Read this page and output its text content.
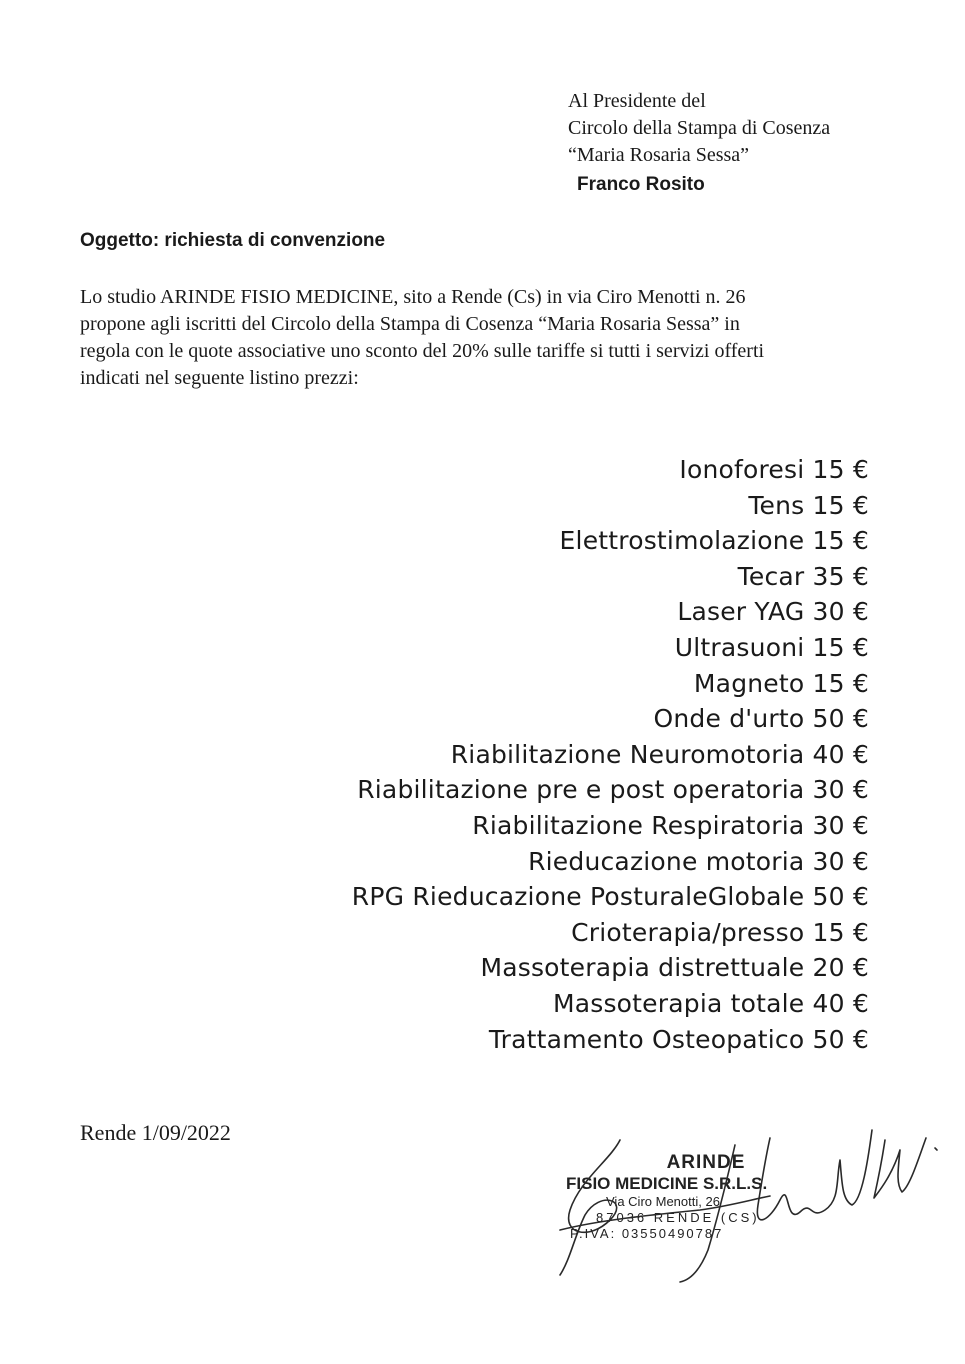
Al Presidente del
Circolo della Stampa di Cosenza
“Maria Rosaria Sessa”
Franco Rosito
Oggetto: richiesta di convenzione
Lo studio ARINDE FISIO MEDICINE, sito a Rende (Cs) in via Ciro Menotti n. 26
propone agli iscritti del Circolo della Stampa di Cosenza “Maria Rosaria Sessa” in
regola con le quote associative uno sconto del 20% sulle tariffe si tutti i servizi offerti
indicati nel seguente listino prezzi:
Ionoforesi 15 €
Tens 15 €
Elettrostimolazione 15 €
Tecar 35 €
Laser YAG 30 €
Ultrasuoni 15 €
Magneto 15 €
Onde d'urto 50 €
Riabilitazione Neuromotoria 40 €
Riabilitazione pre e post operatoria 30 €
Riabilitazione Respiratoria 30 €
Rieducazione motoria 30 €
RPG Rieducazione PosturaleGlobale 50 €
Crioterapia/presso 15 €
Massoterapia distrettuale 20 €
Massoterapia totale 40 €
Trattamento Osteopatico 50 €
Rende 1/09/2022
ARINDE
FISIO MEDICINE S.R.L.S.
Via Ciro Menotti, 26
87036 RENDE (CS)
P.IVA: 03550490787
